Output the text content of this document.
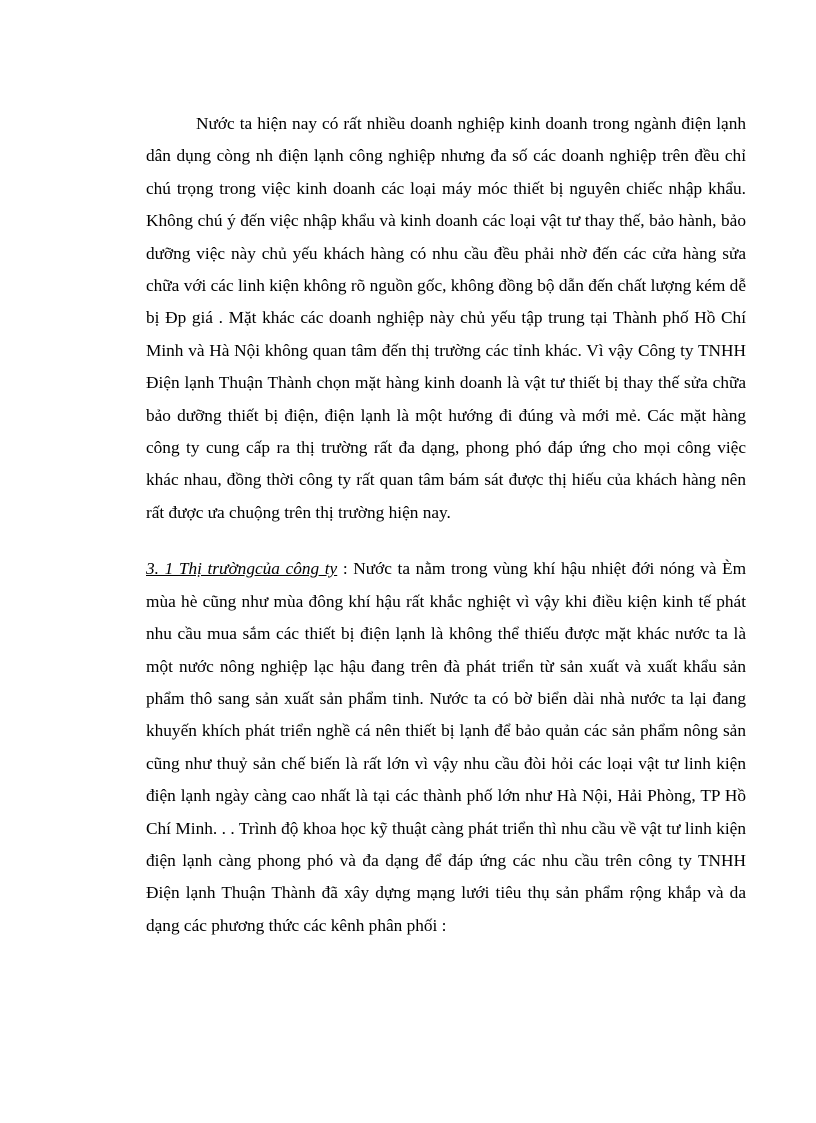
Nước ta hiện nay có rất nhiều doanh nghiệp kinh doanh trong ngành điện lạnh dân dụng còng nh điện lạnh công nghiệp nhưng đa số các doanh nghiệp trên đều chỉ chú trọng trong việc kinh doanh các loại máy móc thiết bị nguyên chiếc nhập khẩu. Không chú ý đến việc nhập khẩu và kinh doanh các loại vật tư thay thế, bảo hành, bảo dưỡng việc này chủ yếu khách hàng có nhu cầu đều phải nhờ đến các cửa hàng sửa chữa với các linh kiện không rõ nguồn gốc, không đồng bộ dẫn đến chất lượng kém dễ bị Đp giá . Mặt khác các doanh nghiệp này chủ yếu tập trung tại Thành phố Hồ Chí Minh và Hà Nội không quan tâm đến thị trường các tỉnh khác. Vì vậy Công ty TNHH Điện lạnh Thuận Thành chọn mặt hàng kinh doanh là vật tư thiết bị thay thế sửa chữa bảo dưỡng thiết bị điện, điện lạnh là một hướng đi đúng và mới mẻ. Các mặt hàng công ty cung cấp ra thị trường rất đa dạng, phong phó đáp ứng cho mọi công việc khác nhau, đồng thời công ty rất quan tâm bám sát được thị hiếu của khách hàng nên rất được ưa chuộng trên thị trường hiện nay.

3. 1 Thị trườngcủa công ty : Nước ta nằm trong vùng khí hậu nhiệt đới nóng và Èm mùa hè cũng như mùa đông khí hậu rất khắc nghiệt vì vậy khi điều kiện kinh tế phát nhu cầu mua sắm các thiết bị điện lạnh là không thể thiếu được mặt khác nước ta là một nước nông nghiệp lạc hậu đang trên đà phát triển từ sản xuất và xuất khẩu sản phẩm thô sang sản xuất sản phẩm tinh. Nước ta có bờ biển dài nhà nước ta lại đang khuyến khích phát triển nghề cá nên thiết bị lạnh để bảo quản các sản phẩm nông sản cũng như thuỷ sản chế biến là rất lớn vì vậy nhu cầu đòi hỏi các loại vật tư linh kiện điện lạnh ngày càng cao nhất là tại các thành phố lớn như Hà Nội, Hải Phòng, TP Hồ Chí Minh. . . Trình độ khoa học kỹ thuật càng phát triển thì nhu cầu về vật tư linh kiện điện lạnh càng phong phó và đa dạng để đáp ứng các nhu cầu trên công ty TNHH Điện lạnh Thuận Thành đã xây dựng mạng lưới tiêu thụ sản phẩm rộng khắp và da dạng các phương thức các kênh phân phối :
